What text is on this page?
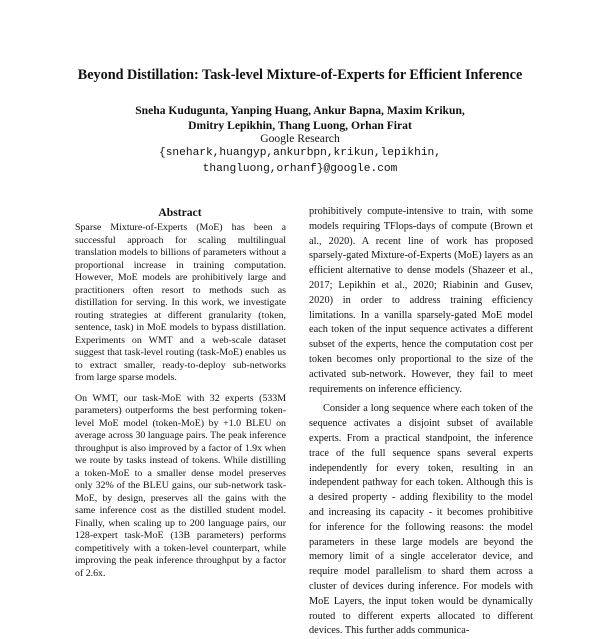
Beyond Distillation: Task-level Mixture-of-Experts for Efficient Inference
Sneha Kudugunta, Yanping Huang, Ankur Bapna, Maxim Krikun,
Dmitry Lepikhin, Thang Luong, Orhan Firat
Google Research
{snehark,huangyp,ankurbpn,krikun,lepikhin,
thangluong,orhanf}@google.com
Abstract

Sparse Mixture-of-Experts (MoE) has been a successful approach for scaling multilingual translation models to billions of parameters without a proportional increase in training computation. However, MoE models are prohibitively large and practitioners often resort to methods such as distillation for serving. In this work, we investigate routing strategies at different granularity (token, sentence, task) in MoE models to bypass distillation. Experiments on WMT and a web-scale dataset suggest that task-level routing (task-MoE) enables us to extract smaller, ready-to-deploy sub-networks from large sparse models.

On WMT, our task-MoE with 32 experts (533M parameters) outperforms the best performing token-level MoE model (token-MoE) by +1.0 BLEU on average across 30 language pairs. The peak inference throughput is also improved by a factor of 1.9x when we route by tasks instead of tokens. While distilling a token-MoE to a smaller dense model preserves only 32% of the BLEU gains, our sub-network task-MoE, by design, preserves all the gains with the same inference cost as the distilled student model. Finally, when scaling up to 200 language pairs, our 128-expert task-MoE (13B parameters) performs competitively with a token-level counterpart, while improving the peak inference throughput by a factor of 2.6x.

prohibitively compute-intensive to train, with some models requiring TFlops-days of compute (Brown et al., 2020). A recent line of work has proposed sparsely-gated Mixture-of-Experts (MoE) layers as an efficient alternative to dense models (Shazeer et al., 2017; Lepikhin et al., 2020; Riabinin and Gusev, 2020) in order to address training efficiency limitations. In a vanilla sparsely-gated MoE model each token of the input sequence activates a different subset of the experts, hence the computation cost per token becomes only proportional to the size of the activated sub-network. However, they fail to meet requirements on inference efficiency.

Consider a long sequence where each token of the sequence activates a disjoint subset of available experts. From a practical standpoint, the inference trace of the full sequence spans several experts independently for every token, resulting in an independent pathway for each token. Although this is a desired property - adding flexibility to the model and increasing its capacity - it becomes prohibitive for inference for the following reasons: the model parameters in these large models are beyond the memory limit of a single accelerator device, and require model parallelism to shard them across a cluster of devices during inference. For models with MoE Layers, the input token would be dynamically routed to different experts allocated to different devices. This further adds communica-
